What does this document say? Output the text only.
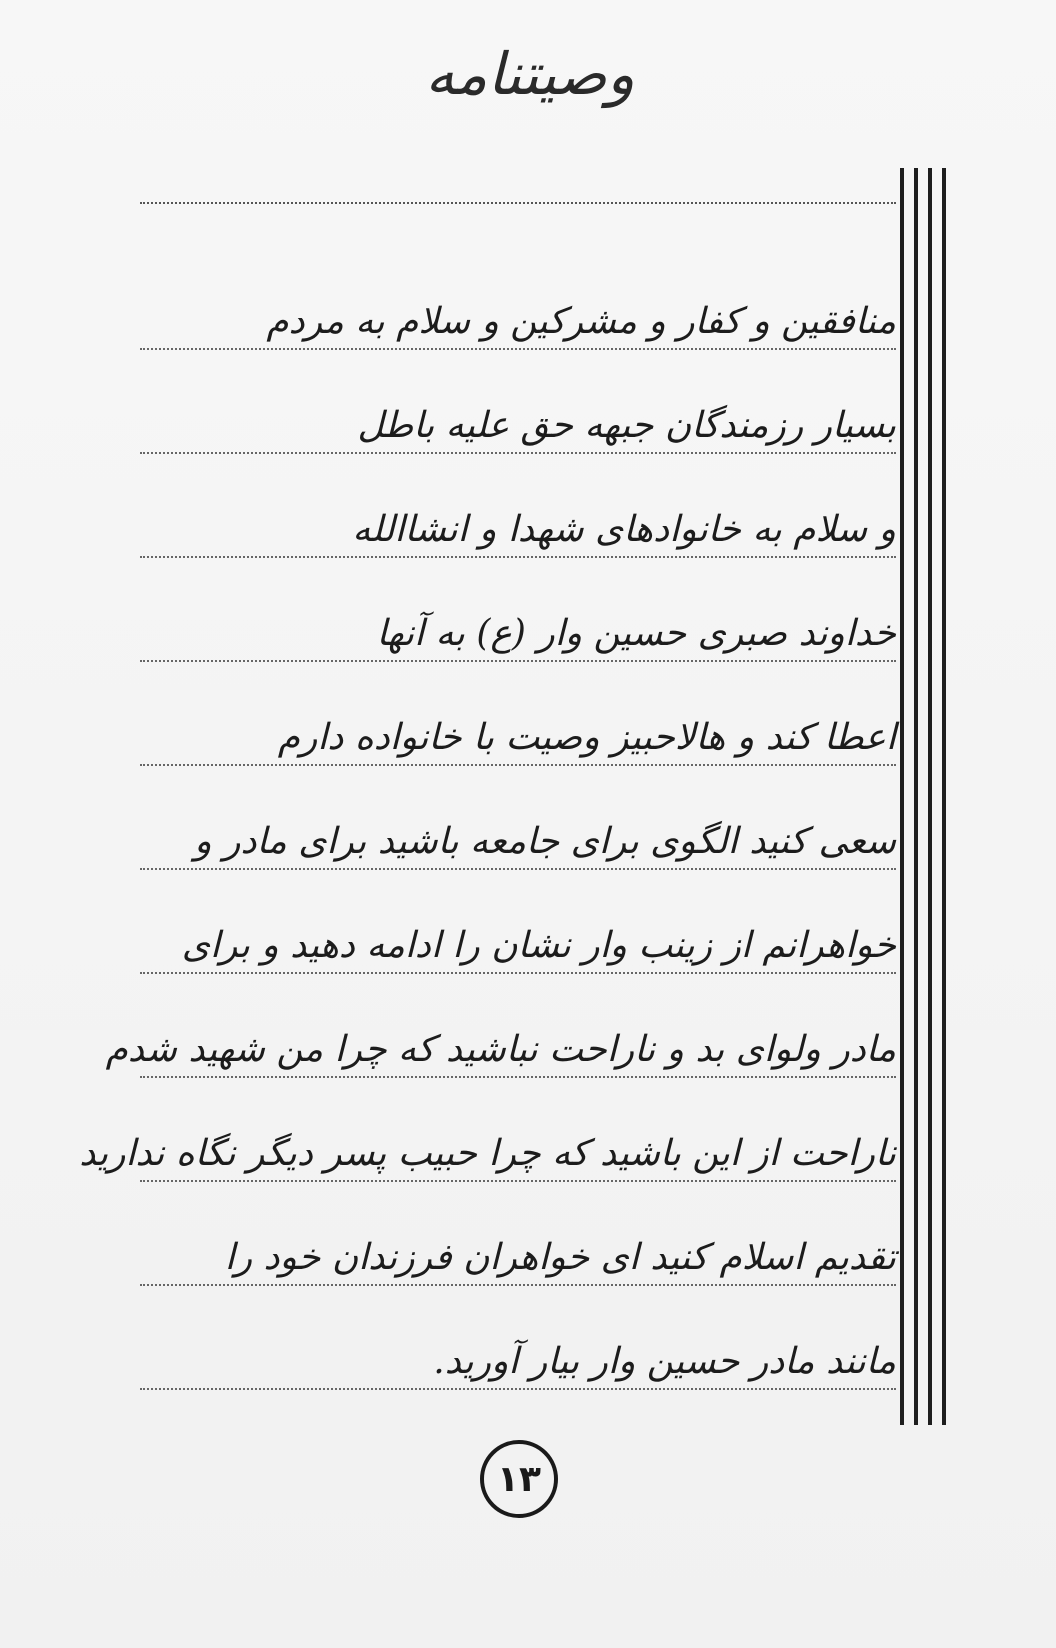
وصیتنامه
منافقین و کفار و مشرکین و سلام به مردم
بسیار رزمندگان جبهه حق علیه باطل
و سلام به خانوادهای شهدا و انشاالله
خداوند صبری حسین وار (ع) به آنها
اعطا کند و هالاحبیز وصیت با خانواده دارم
سعی کنید الگوی برای جامعه باشید برای مادر و
خواهرانم از زینب وار نشان را ادامه دهید و برای
مادر ولوای بد و ناراحت نباشید که چرا من شهید شدم
ناراحت از این باشید که چرا حبیب پسر دیگر نگاه ندارید
تقدیم اسلام کنید ای خواهران فرزندان خود را
مانند مادر حسین وار بیار آورید.
۱۳
